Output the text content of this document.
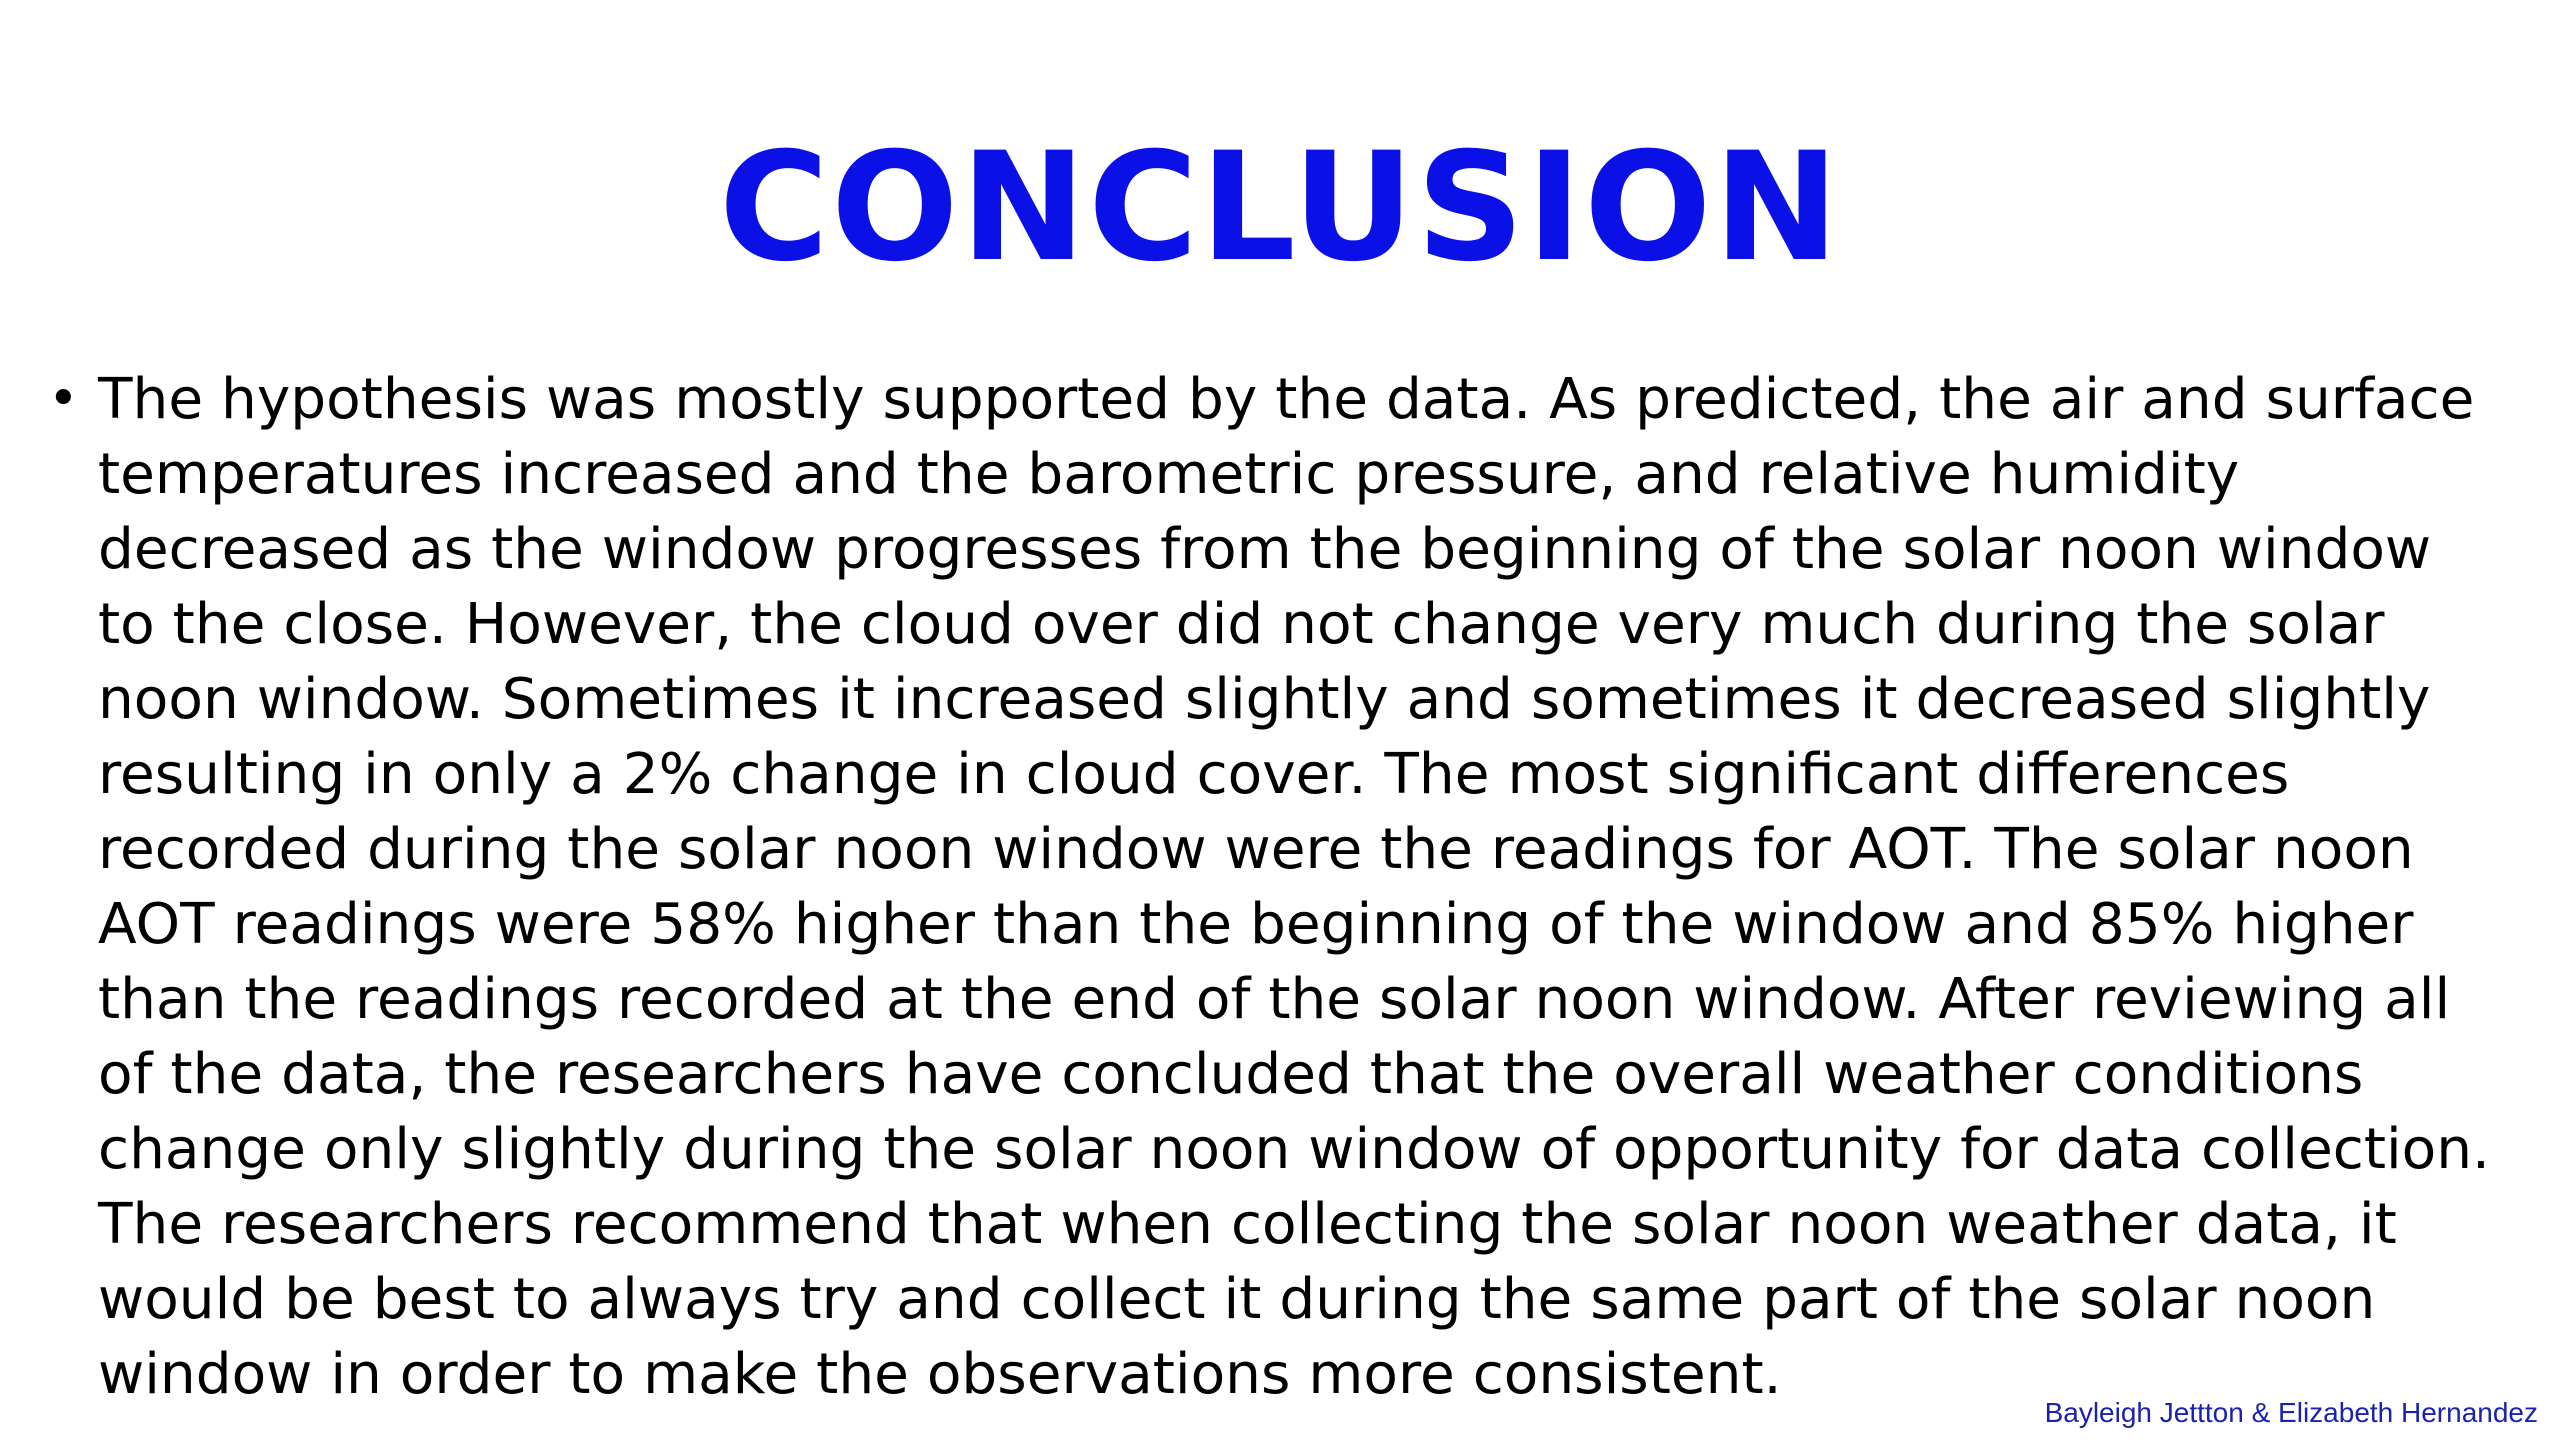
CONCLUSION
• The hypothesis was mostly supported by the data. As predicted, the air and surface
temperatures increased and the barometric pressure, and relative humidity
decreased as the window progresses from the beginning of the solar noon window
to the close. However, the cloud over did not change very much during the solar
noon window. Sometimes it increased slightly and sometimes it decreased slightly
resulting in only a 2% change in cloud cover. The most significant differences
recorded during the solar noon window were the readings for AOT. The solar noon
AOT readings were 58% higher than the beginning of the window and 85% higher
than the readings recorded at the end of the solar noon window. After reviewing all
of the data, the researchers have concluded that the overall weather conditions
change only slightly during the solar noon window of opportunity for data collection.
The researchers recommend that when collecting the solar noon weather data, it
would be best to always try and collect it during the same part of the solar noon
window in order to make the observations more consistent.
Bayleigh Jettton & Elizabeth Hernandez
